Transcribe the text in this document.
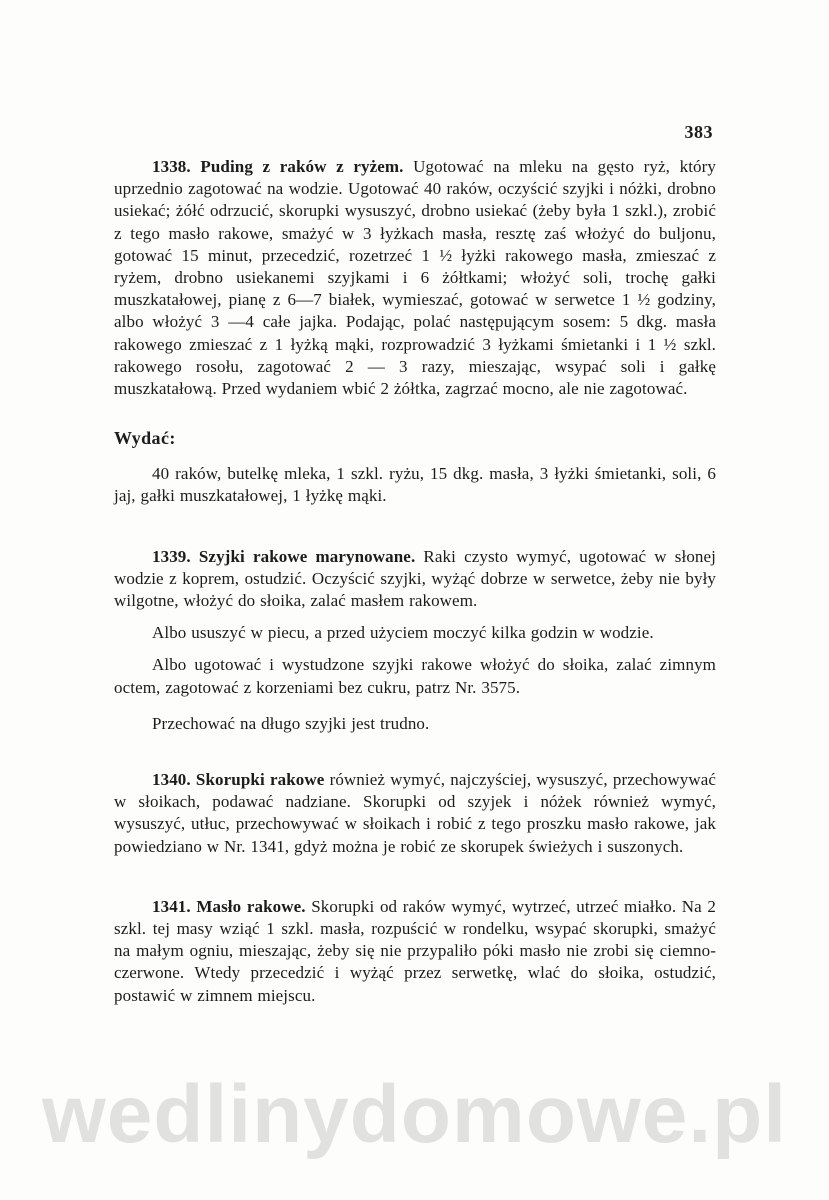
383

1338. Puding z raków z ryżem. Ugotować na mleku na gęsto ryż, który uprzednio zagotować na wodzie. Ugotować 40 raków, oczyścić szyjki i nóżki, drobno usiekać; żółć odrzucić, skorupki wysuszyć, drobno usiekać (żeby była 1 szkl.), zrobić z tego masło rakowe, smażyć w 3 łyżkach masła, resztę zaś włożyć do buljonu, gotować 15 minut, przecedzić, rozetrzeć 1 ½ łyżki rakowego masła, zmieszać z ryżem, drobno usiekanemi szyjkami i 6 żółtkami; włożyć soli, trochę gałki muszkatałowej, pianę z 6—7 białek, wymieszać, gotować w serwetce 1 ½ godziny, albo włożyć 3 —4 całe jajka. Podając, polać następującym sosem: 5 dkg. masła rakowego zmieszać z 1 łyżką mąki, rozprowadzić 3 łyżkami śmietanki i 1 ½ szkl. rakowego rosołu, zagotować 2 — 3 razy, mieszając, wsypać soli i gałkę muszkatałową. Przed wydaniem wbić 2 żółtka, zagrzać mocno, ale nie zagotować.

Wydać:

40 raków, butelkę mleka, 1 szkl. ryżu, 15 dkg. masła, 3 łyżki śmietanki, soli, 6 jaj, gałki muszkatałowej, 1 łyżkę mąki.

1339. Szyjki rakowe marynowane. Raki czysto wymyć, ugotować w słonej wodzie z koprem, ostudzić. Oczyścić szyjki, wyżąć dobrze w serwetce, żeby nie były wilgotne, włożyć do słoika, zalać masłem rakowem.

Albo ususzyć w piecu, a przed użyciem moczyć kilka godzin w wodzie.

Albo ugotować i wystudzone szyjki rakowe włożyć do słoika, zalać zimnym octem, zagotować z korzeniami bez cukru, patrz Nr. 3575.

Przechować na długo szyjki jest trudno.

1340. Skorupki rakowe również wymyć, najczyściej, wysuszyć, przechowywać w słoikach, podawać nadziane. Skorupki od szyjek i nóżek również wymyć, wysuszyć, utłuc, przechowywać w słoikach i robić z tego proszku masło rakowe, jak powiedziano w Nr. 1341, gdyż można je robić ze skorupek świeżych i suszonych.

1341. Masło rakowe. Skorupki od raków wymyć, wytrzeć, utrzeć miałko. Na 2 szkl. tej masy wziąć 1 szkl. masła, rozpuścić w rondelku, wsypać skorupki, smażyć na małym ogniu, mieszając, żeby się nie przypaliło póki masło nie zrobi się ciemno-czerwone. Wtedy przecedzić i wyżąć przez serwetkę, wlać do słoika, ostudzić, postawić w zimnem miejscu.

wedlinydomowe.pl
